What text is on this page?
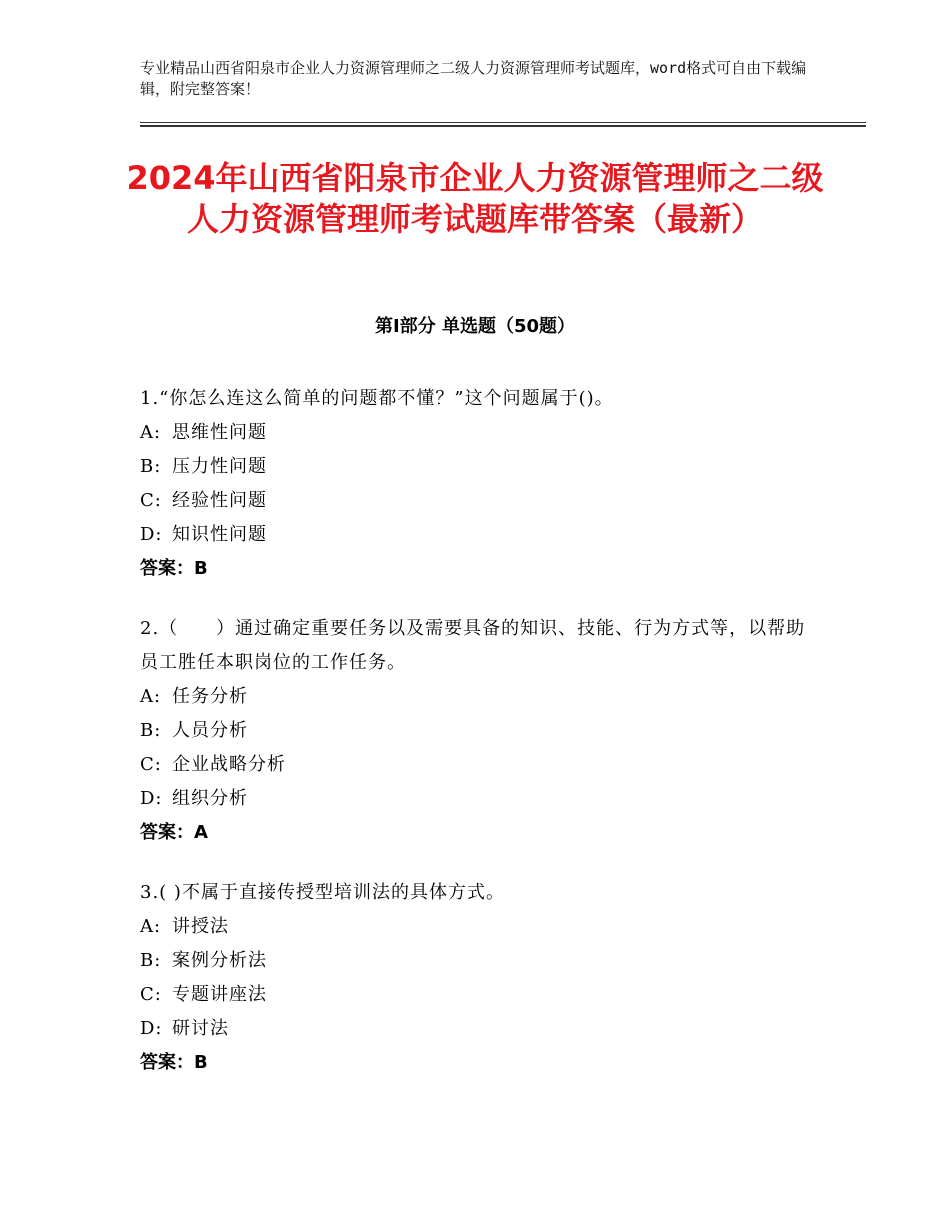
专业精品山西省阳泉市企业人力资源管理师之二级人力资源管理师考试题库，word格式可自由下载编辑，附完整答案！
2024年山西省阳泉市企业人力资源管理师之二级人力资源管理师考试题库带答案（最新）
第Ⅰ部分 单选题（50题）
1.“你怎么连这么简单的问题都不懂？”这个问题属于()。
A: 思维性问题
B: 压力性问题
C: 经验性问题
D: 知识性问题
答案：B
2.（　　）通过确定重要任务以及需要具备的知识、技能、行为方式等，以帮助员工胜任本职岗位的工作任务。
A: 任务分析
B: 人员分析
C: 企业战略分析
D: 组织分析
答案：A
3.( )不属于直接传授型培训法的具体方式。
A: 讲授法
B: 案例分析法
C: 专题讲座法
D: 研讨法
答案：B
